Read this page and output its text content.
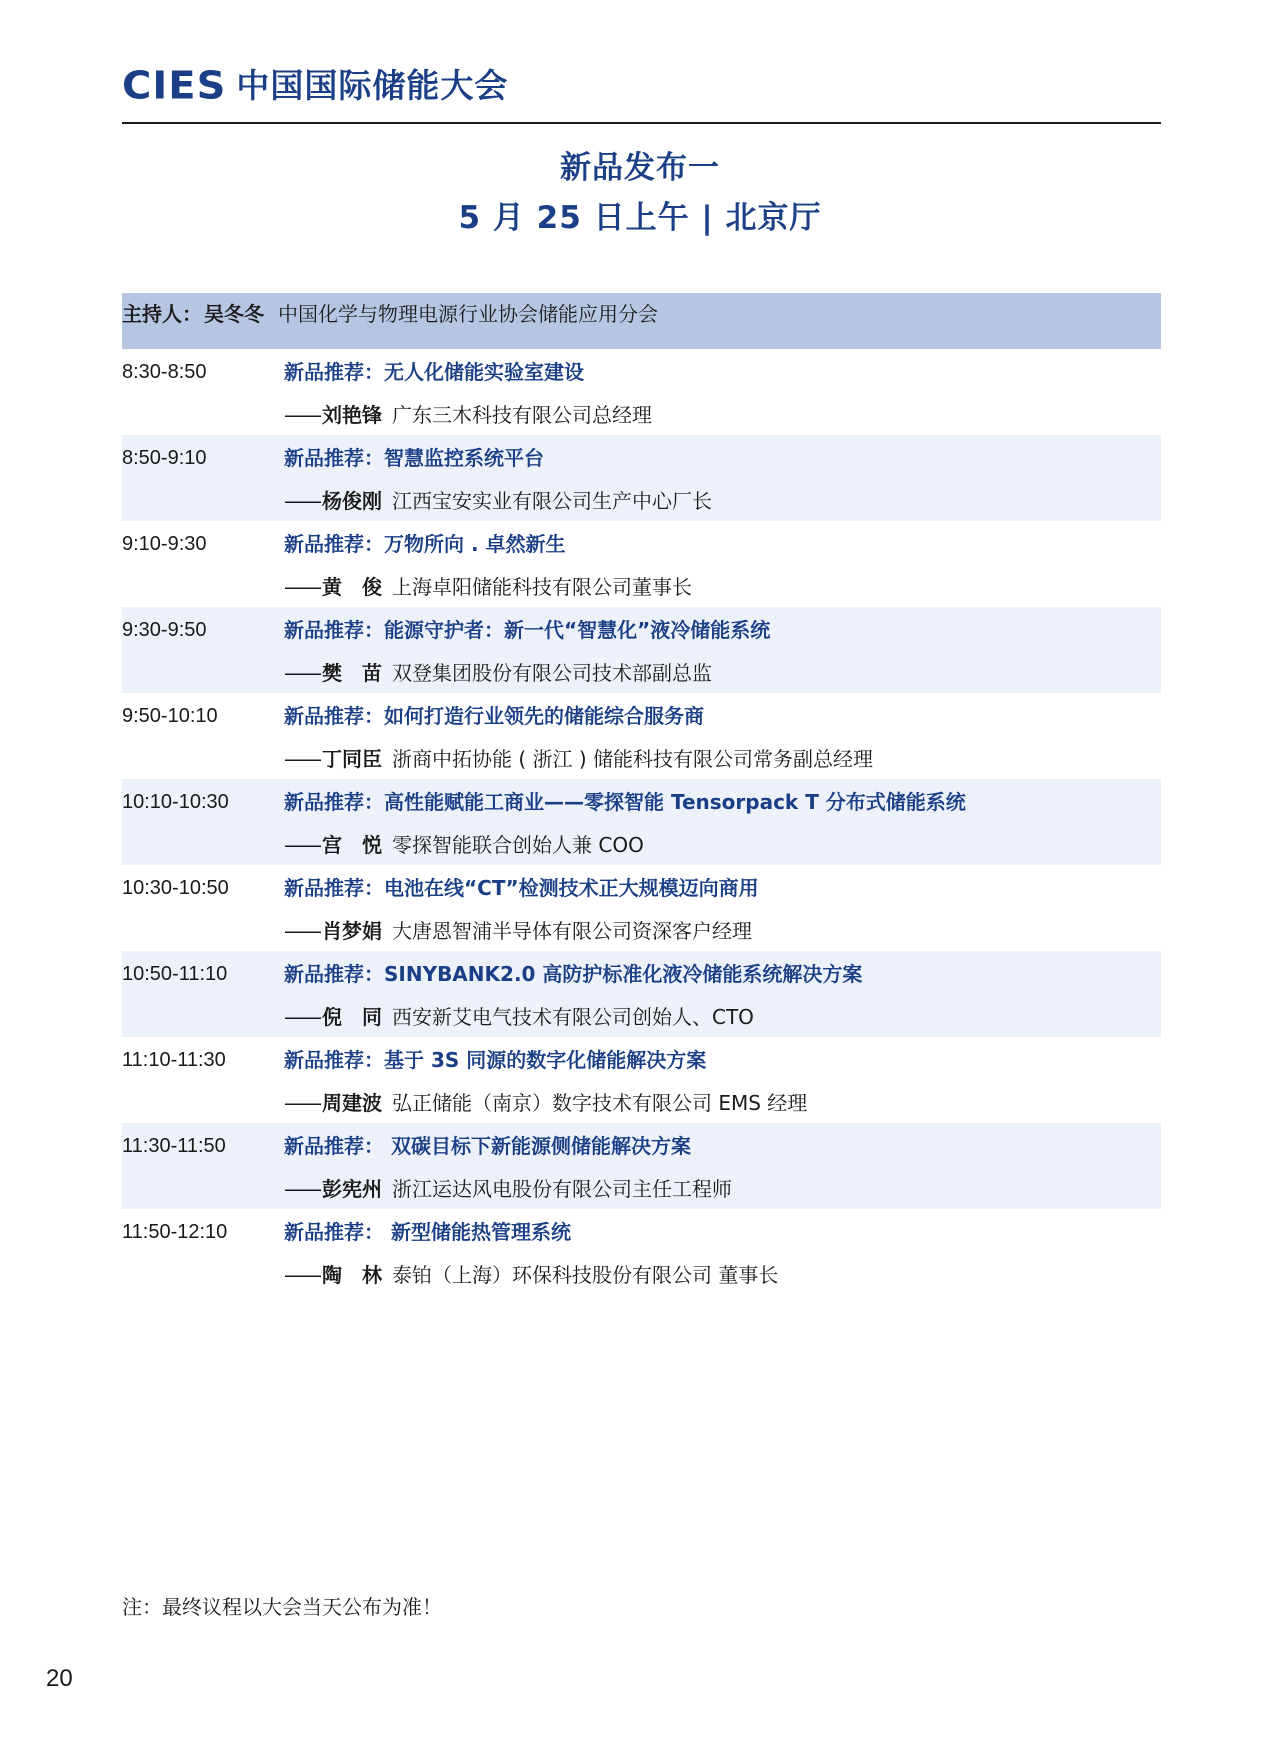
CIES 中国国际储能大会
新品发布一
5 月 25 日上午 | 北京厅
主持人： 吴冬冬 中国化学与物理电源行业协会储能应用分会
8:30-8:50	新品推荐：无人化储能实验室建设
—— 刘艳锋 广东三木科技有限公司总经理
8:50-9:10	新品推荐：智慧监控系统平台
—— 杨俊刚 江西宝安实业有限公司生产中心厂长
9:10-9:30	新品推荐：万物所向 . 卓然新生
—— 黄　俊 上海卓阳储能科技有限公司董事长
9:30-9:50	新品推荐：能源守护者：新一代“智慧化”液冷储能系统
—— 樊　苗 双登集团股份有限公司技术部副总监
9:50-10:10	新品推荐：如何打造行业领先的储能综合服务商
—— 丁同臣 浙商中拓协能 ( 浙江 ) 储能科技有限公司常务副总经理
10:10-10:30	新品推荐：高性能赋能工商业——零探智能 Tensorpack T 分布式储能系统
—— 宫　悦 零探智能联合创始人兼 COO
10:30-10:50	新品推荐：电池在线“CT”检测技术正大规模迈向商用
—— 肖梦娟 大唐恩智浦半导体有限公司资深客户经理
10:50-11:10	新品推荐：SINYBANK2.0 高防护标准化液冷储能系统解决方案
—— 倪　同 西安新艾电气技术有限公司创始人、CTO
11:10-11:30	新品推荐：基于 3S 同源的数字化储能解决方案
—— 周建波 弘正储能（南京）数字技术有限公司 EMS 经理
11:30-11:50	新品推荐： 双碳目标下新能源侧储能解决方案
—— 彭宪州 浙江运达风电股份有限公司主任工程师
11:50-12:10	新品推荐： 新型储能热管理系统
—— 陶　林 泰铂（上海）环保科技股份有限公司 董事长
注：最终议程以大会当天公布为准！
20
